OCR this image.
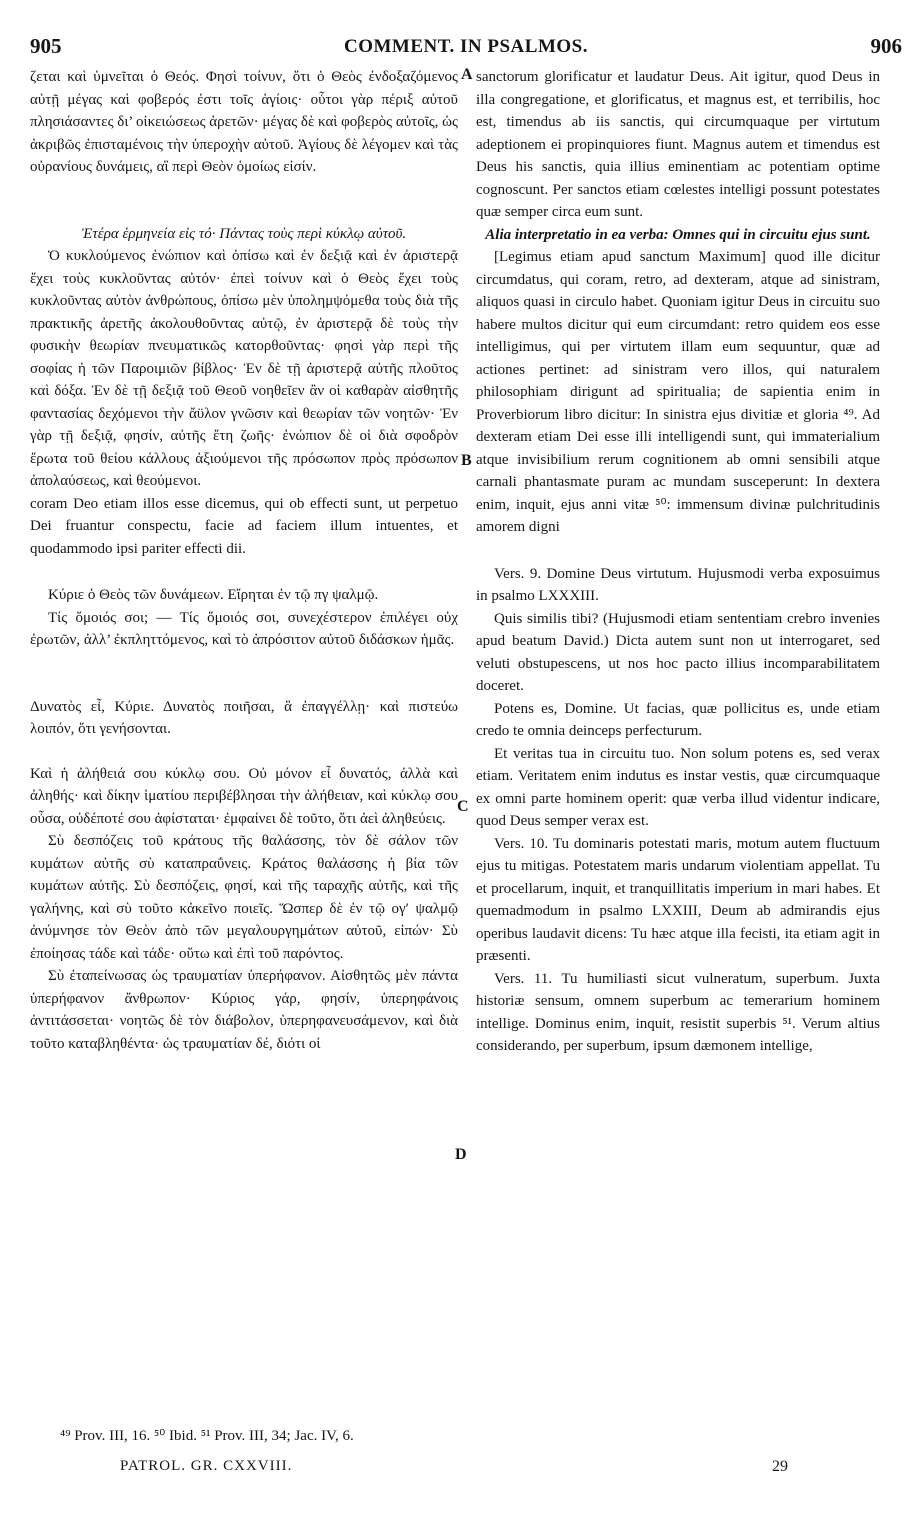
905	COMMENT. IN PSALMOS.	906
A
B
C
D

ζεται καὶ ὑμνεῖται ὁ Θεός. Φησὶ τοίνυν, ὅτι ὁ Θεὸς ἐνδοξαζόμενος αὐτῇ μέγας καὶ φοβερός ἐστι τοῖς ἁγίοις· οὗτοι γὰρ πέριξ αὐτοῦ πλησιάσαντες δι’ οἰκειώσεως ἀρετῶν· μέγας δὲ καὶ φοβερὸς αὐτοῖς, ὡς ἀκριβῶς ἐπισταμένοις τὴν ὑπεροχὴν αὐτοῦ. Ἁγίους δὲ λέγομεν καὶ τὰς οὐρανίους δυνάμεις, αἳ περὶ Θεὸν ὁμοίως εἰσίν.

Ἑτέρα ἑρμηνεία εἰς τό· Πάντας τοὺς περὶ κύκλῳ αὐτοῦ.

Ὁ κυκλούμενος ἐνώπιον καὶ ὀπίσω καὶ ἐν δεξιᾷ καὶ ἐν ἀριστερᾷ ἔχει τοὺς κυκλοῦντας αὐτόν· ἐπεὶ τοίνυν καὶ ὁ Θεὸς ἔχει τοὺς κυκλοῦντας αὐτὸν ἀνθρώπους, ὀπίσω μὲν ὑπολημψόμεθα τοὺς διὰ τῆς πρακτικῆς ἀρετῆς ἀκολουθοῦντας αὐτῷ, ἐν ἀριστερᾷ δὲ τοὺς τὴν φυσικὴν θεωρίαν πνευματικῶς κατορθοῦντας· φησὶ γὰρ περὶ τῆς σοφίας ἡ τῶν Παροιμιῶν βίβλος· Ἐν δὲ τῇ ἀριστερᾷ αὐτῆς πλοῦτος καὶ δόξα. Ἐν δὲ τῇ δεξιᾷ τοῦ Θεοῦ νοηθεῖεν ἂν οἱ καθαρὰν αἰσθητῆς φαντασίας δεχόμενοι τὴν ἄϋλον γνῶσιν καὶ θεωρίαν τῶν νοητῶν· Ἐν γὰρ τῇ δεξιᾷ, φησίν, αὐτῆς ἔτη ζωῆς· ἐνώπιον δὲ οἱ διὰ σφοδρὸν ἔρωτα τοῦ θείου κάλλους ἀξιούμενοι τῆς πρόσωπον πρὸς πρόσωπον ἀπολαύσεως, καὶ θεούμενοι.

coram Deo etiam illos esse dicemus, qui ob effecti sunt, ut perpetuo Dei fruantur conspectu, facie ad faciem illum intuentes, et quodammodo ipsi pariter effecti dii.

Κύριε ὁ Θεὸς τῶν δυνάμεων. Εἴρηται ἐν τῷ πγ ψαλμῷ.

Τίς ὅμοιός σοι; — Τίς ὅμοιός σοι, συνεχέστερον ἐπιλέγει οὐχ ἐρωτῶν, ἀλλ’ ἐκπληττόμενος, καὶ τὸ ἀπρόσιτον αὐτοῦ διδάσκων ἡμᾶς.

Δυνατὸς εἶ, Κύριε. Δυνατὸς ποιῆσαι, ἃ ἐπαγγέλλῃ· καὶ πιστεύω λοιπόν, ὅτι γενήσονται.

Καὶ ἡ ἀλήθειά σου κύκλῳ σου. Οὐ μόνον εἶ δυνατός, ἀλλὰ καὶ ἀληθής· καὶ δίκην ἱματίου περιβέβλησαι τὴν ἀλήθειαν, καὶ κύκλῳ σου οὖσα, οὐδέποτέ σου ἀφίσταται· ἐμφαίνει δὲ τοῦτο, ὅτι ἀεὶ ἀληθεύεις.

Σὺ δεσπόζεις τοῦ κράτους τῆς θαλάσσης, τὸν δὲ σάλον τῶν κυμάτων αὐτῆς σὺ καταπραΰνεις. Κράτος θαλάσσης ἡ βία τῶν κυμάτων αὐτῆς. Σὺ δεσπόζεις, φησί, καὶ τῆς ταραχῆς αὐτῆς, καὶ τῆς γαλήνης, καὶ σὺ τοῦτο κἀκεῖνο ποιεῖς. Ὥσπερ δὲ ἐν τῷ ογʹ ψαλμῷ ἀνύμνησε τὸν Θεὸν ἀπὸ τῶν μεγαλουργημάτων αὐτοῦ, εἰπών· Σὺ ἐποίησας τάδε καὶ τάδε· οὕτω καὶ ἐπὶ τοῦ παρόντος.

Σὺ ἐταπείνωσας ὡς τραυματίαν ὑπερήφανον. Αἰσθητῶς μὲν πάντα ὑπερήφανον ἄνθρωπον· Κύριος γάρ, φησίν, ὑπερηφάνοις ἀντιτάσσεται· νοητῶς δὲ τὸν διάβολον, ὑπερηφανευσάμενον, καὶ διὰ τοῦτο καταβληθέντα· ὡς τραυματίαν δέ, διότι οἱ

sanctorum glorificatur et laudatur Deus. Ait igitur, quod Deus in illa congregatione, et glorificatus, et magnus est, et terribilis, hoc est, timendus ab iis sanctis, qui circumquaque per virtutum adeptionem ei propinquiores fiunt. Magnus autem et timendus est Deus his sanctis, quia illius eminentiam ac potentiam optime cognoscunt. Per sanctos etiam cœlestes intelligi possunt potestates quæ semper circa eum sunt.

Alia interpretatio in ea verba: Omnes qui in circuitu ejus sunt.

[Legimus etiam apud sanctum Maximum] quod ille dicitur circumdatus, qui coram, retro, ad dexteram, atque ad sinistram, aliquos quasi in circulo habet. Quoniam igitur Deus in circuitu suo habere multos dicitur qui eum circumdant: retro quidem eos esse intelligimus, qui per virtutem illam eum sequuntur, quæ ad actiones pertinet: ad sinistram vero illos, qui naturalem philosophiam dirigunt ad spiritualia; de sapientia enim in Proverbiorum libro dicitur: In sinistra ejus divitiæ et gloria ⁴⁹. Ad dexteram etiam Dei esse illi intelligendi sunt, qui immaterialium atque invisibilium rerum cognitionem ab omni sensibili atque carnali phantasmate puram ac mundam susceperunt: In dextera enim, inquit, ejus anni vitæ ⁵⁰: immensum divinæ pulchritudinis amorem digni

Vers. 9. Domine Deus virtutum. Hujusmodi verba exposuimus in psalmo LXXXIII.

Quis similis tibi? (Hujusmodi etiam sententiam crebro invenies apud beatum David.) Dicta autem sunt non ut interrogaret, sed veluti obstupescens, ut nos hoc pacto illius incomparabilitatem doceret.

Potens es, Domine. Ut facias, quæ pollicitus es, unde etiam credo te omnia deinceps perfecturum.

Et veritas tua in circuitu tuo. Non solum potens es, sed verax etiam. Veritatem enim indutus es instar vestis, quæ circumquaque ex omni parte hominem operit: quæ verba illud videntur indicare, quod Deus semper verax est.

Vers. 10. Tu dominaris potestati maris, motum autem fluctuum ejus tu mitigas. Potestatem maris undarum violentiam appellat. Tu et procellarum, inquit, et tranquillitatis imperium in mari habes. Et quemadmodum in psalmo LXXIII, Deum ab admirandis ejus operibus laudavit dicens: Tu hæc atque illa fecisti, ita etiam agit in præsenti.

Vers. 11. Tu humiliasti sicut vulneratum, superbum. Juxta historiæ sensum, omnem superbum ac temerarium hominem intellige. Dominus enim, inquit, resistit superbis ⁵¹. Verum altius considerando, per superbum, ipsum dæmonem intellige,

⁴⁹ Prov. III, 16. ⁵⁰ Ibid. ⁵¹ Prov. III, 34; Jac. IV, 6.
PATROL. GR. CXXVIII.	29
